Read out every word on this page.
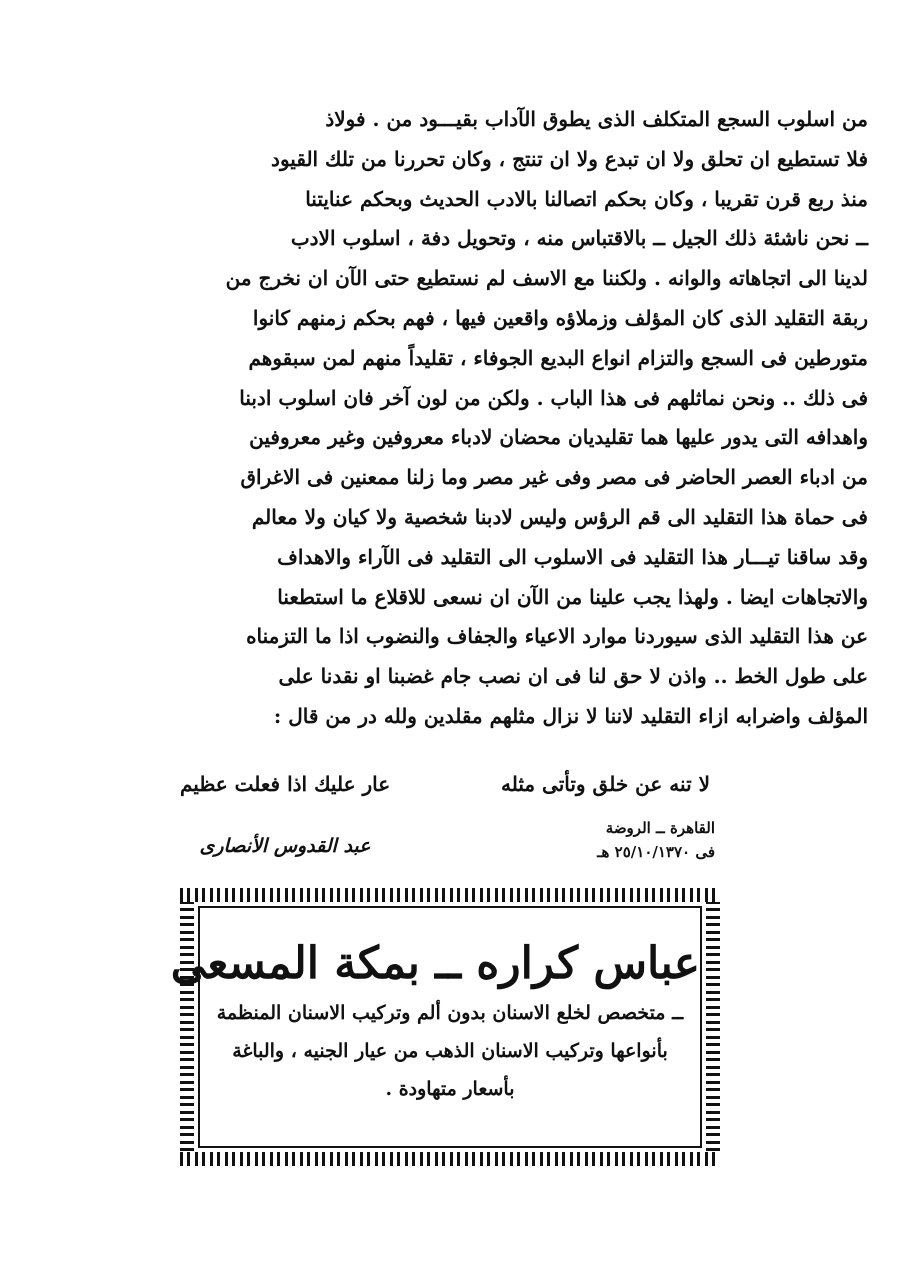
من اسلوب السجع المتكلف الذى يطوق الآداب بقيـــود من . فولاذ
فلا تستطيع ان تحلق ولا ان تبدع ولا ان تنتج ، وكان تحررنا من تلك القيود
منذ ربع قرن تقريبا ، وكان بحكم اتصالنا بالادب الحديث وبحكم عنايتنا
ــ نحن ناشئة ذلك الجيل ــ بالاقتباس منه ، وتحويل دفة ، اسلوب الادب
لدينا الى اتجاهاته والوانه . ولكننا مع الاسف لم نستطيع حتى الآن ان نخرج من
ربقة التقليد الذى كان المؤلف وزملاؤه واقعين فيها ، فهم بحكم زمنهم كانوا
متورطين فى السجع والتزام انواع البديع الجوفاء ، تقليداً منهم لمن سبقوهم
فى ذلك .. ونحن نماثلهم فى هذا الباب . ولكن من لون آخر فان اسلوب ادبنا
واهدافه التى يدور عليها هما تقليديان محضان لادباء معروفين وغير معروفين
من ادباء العصر الحاضر فى مصر وفى غير مصر وما زلنا ممعنين فى الاغراق
فى حماة هذا التقليد الى قم الرؤس وليس لادبنا شخصية ولا كيان ولا معالم
وقد ساقنا تيـــار هذا التقليد فى الاسلوب الى التقليد فى الآراء والاهداف
والاتجاهات ايضا . ولهذا يجب علينا من الآن ان نسعى للاقلاع ما استطعنا
عن هذا التقليد الذى سيوردنا موارد الاعياء والجفاف والنضوب اذا ما التزمناه
على طول الخط .. واذن لا حق لنا فى ان نصب جام غضبنا او نقدنا على
المؤلف واضرابه ازاء التقليد لاننا لا نزال مثلهم مقلدين ولله در من قال :
لا تنه عن خلق وتأتى مثله
عار عليك اذا فعلت عظيم
القاهرة ــ الروضة
فى ٢٥/١٠/١٣٧٠ هـ
عبد القدوس الأنصارى
عباس كراره ــ بمكة المسعى
ــ متخصص لخلع الاسنان بدون ألم وتركيب الاسنان المنظمة
بأنواعها وتركيب الاسنان الذهب من عيار الجنيه ، والباغة
بأسعار متهاودة .
